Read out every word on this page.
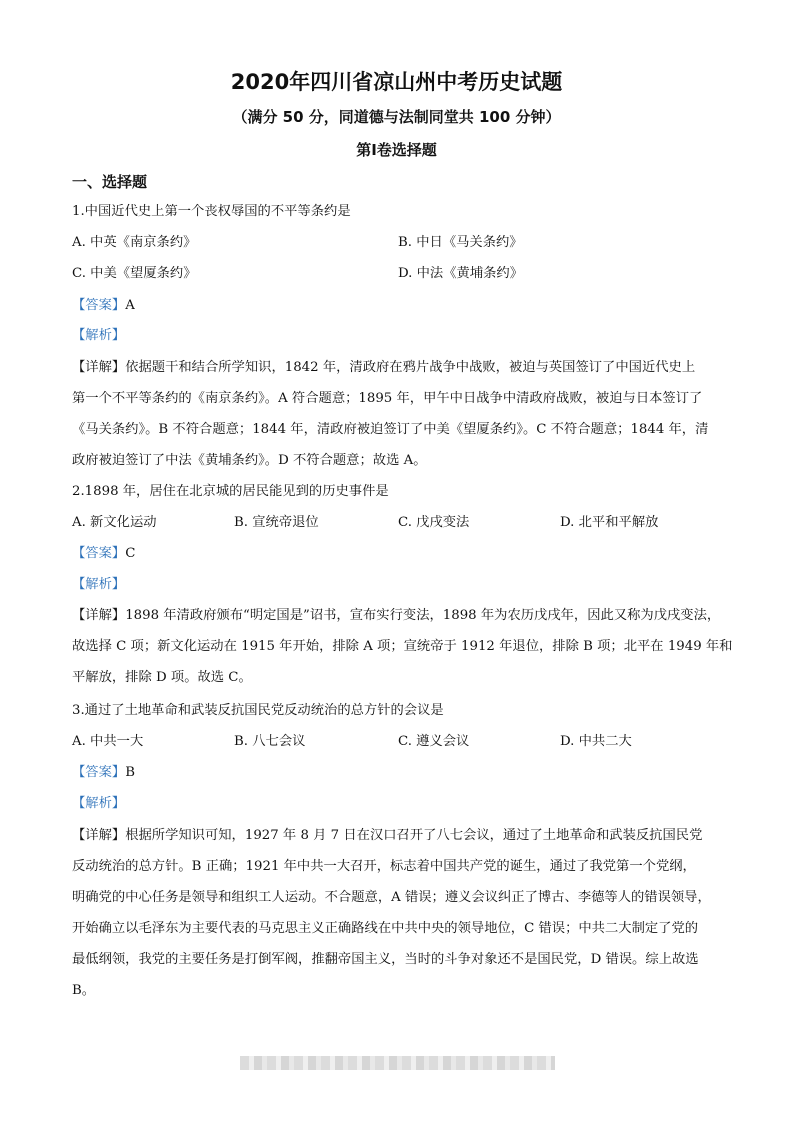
2020年四川省凉山州中考历史试题
（满分 50 分，同道德与法制同堂共 100 分钟）
第Ⅰ卷选择题
一、选择题
1.中国近代史上第一个丧权辱国的不平等条约是
A. 中英《南京条约》	B. 中日《马关条约》
C. 中美《望厦条约》	D. 中法《黄埔条约》
【答案】A
【解析】
【详解】依据题干和结合所学知识，1842 年，清政府在鸦片战争中战败，被迫与英国签订了中国近代史上
第一个不平等条约的《南京条约》。A 符合题意；1895 年，甲午中日战争中清政府战败，被迫与日本签订了
《马关条约》。B 不符合题意；1844 年，清政府被迫签订了中美《望厦条约》。C 不符合题意；1844 年，清
政府被迫签订了中法《黄埔条约》。D 不符合题意；故选 A。
2.1898 年，居住在北京城的居民能见到的历史事件是
A. 新文化运动	B. 宣统帝退位	C. 戊戌变法	D. 北平和平解放
【答案】C
【解析】
【详解】1898 年清政府颁布“明定国是”诏书，宣布实行变法，1898 年为农历戊戌年，因此又称为戊戌变法，
故选择 C 项；新文化运动在 1915 年开始，排除 A 项；宣统帝于 1912 年退位，排除 B 项；北平在 1949 年和
平解放，排除 D 项。故选 C。
3.通过了土地革命和武装反抗国民党反动统治的总方针的会议是
A. 中共一大	B. 八七会议	C. 遵义会议	D. 中共二大
【答案】B
【解析】
【详解】根据所学知识可知，1927 年 8 月 7 日在汉口召开了八七会议，通过了土地革命和武装反抗国民党
反动统治的总方针。B 正确；1921 年中共一大召开，标志着中国共产党的诞生，通过了我党第一个党纲，
明确党的中心任务是领导和组织工人运动。不合题意，A 错误；遵义会议纠正了博古、李德等人的错误领导，
开始确立以毛泽东为主要代表的马克思主义正确路线在中共中央的领导地位，C 错误；中共二大制定了党的
最低纲领，我党的主要任务是打倒军阀，推翻帝国主义，当时的斗争对象还不是国民党，D 错误。综上故选
B。
